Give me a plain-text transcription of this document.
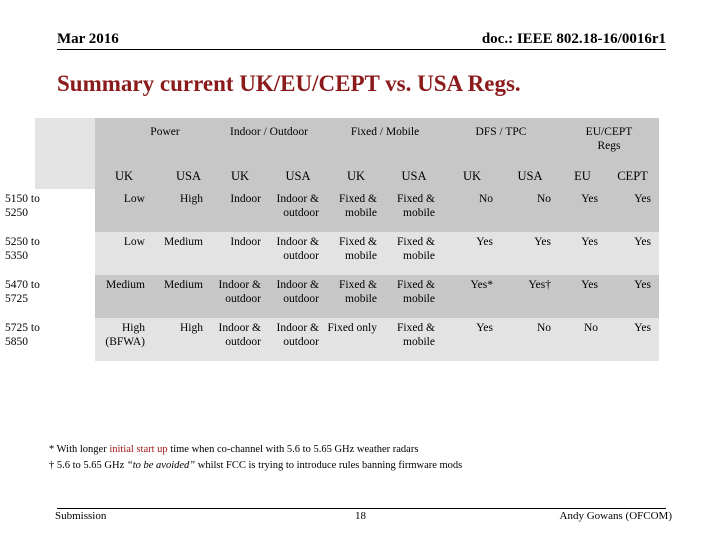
Mar 2016	doc.: IEEE 802.18-16/0016r1
Summary current UK/EU/CEPT vs. USA Regs.
	Power		Indoor / Outdoor		Fixed / Mobile		DFS / TPC		EU/CEPT Regs	
	UK	USA	UK	USA	UK	USA	UK	USA	EU	CEPT
5150 to 5250	Low	High	Indoor	Indoor & outdoor	Fixed & mobile	Fixed & mobile	No	No	Yes	Yes
5250 to 5350	Low	Medium	Indoor	Indoor & outdoor	Fixed & mobile	Fixed & mobile	Yes	Yes	Yes	Yes
5470 to 5725	Medium	Medium	Indoor & outdoor	Indoor & outdoor	Fixed & mobile	Fixed & mobile	Yes*	Yes†	Yes	Yes
5725 to 5850	High (BFWA)	High	Indoor & outdoor	Indoor & outdoor	Fixed only	Fixed & mobile	Yes	No	No	Yes
* With longer initial start up time when co-channel with 5.6 to 5.65 GHz weather radars
† 5.6 to 5.65 GHz “to be avoided” whilst FCC is trying to introduce rules banning firmware mods
Submission	18	Andy Gowans (OFCOM)
